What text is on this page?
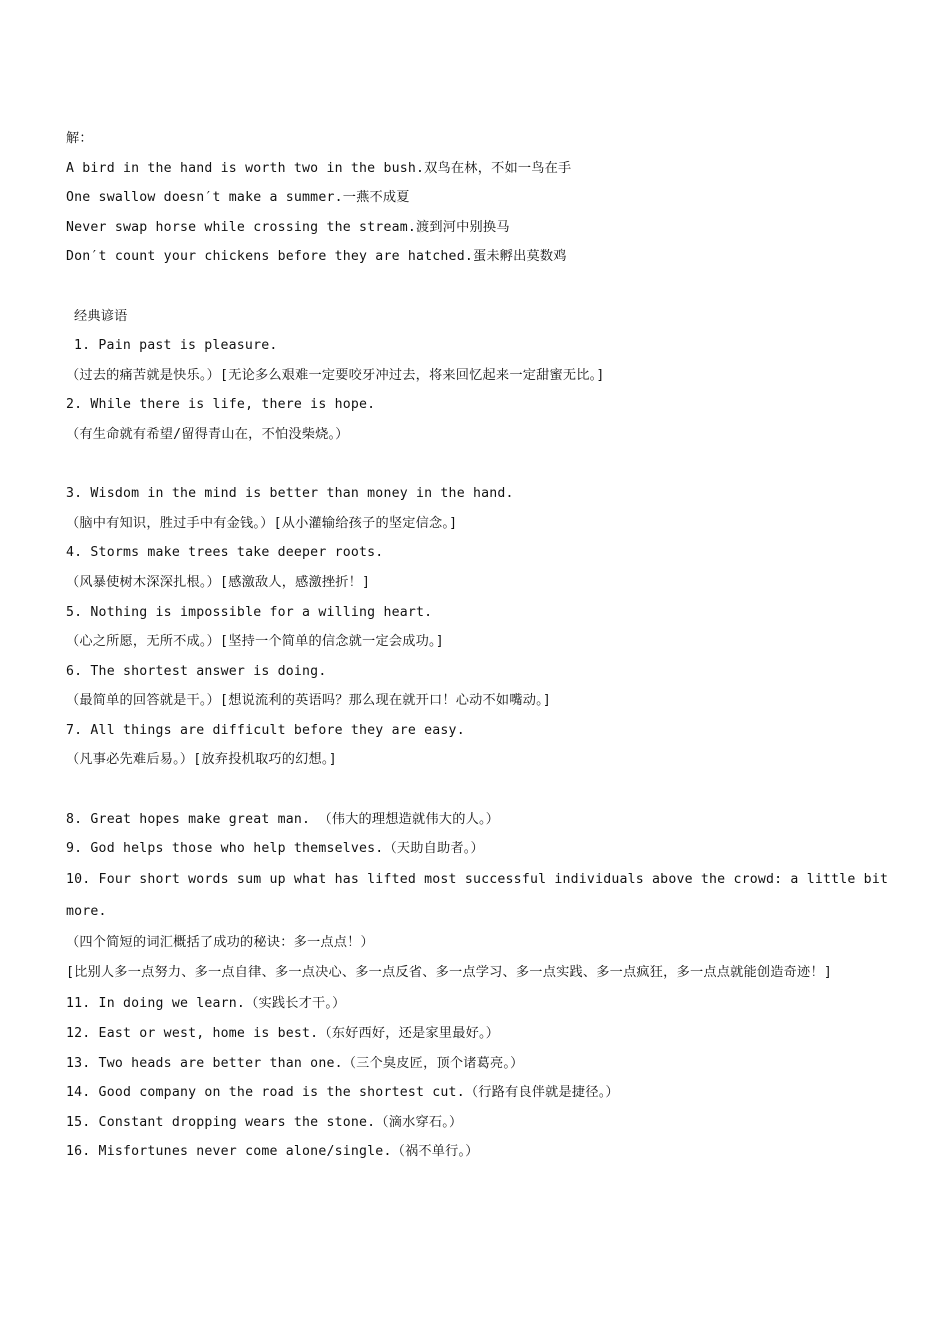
解：
A bird in the hand is worth two in the bush.双鸟在林，不如一鸟在手
One swallow doesn′t make a summer.一燕不成夏
Never swap horse while crossing the stream.渡到河中别换马
Don′t count your chickens before they are hatched.蛋未孵出莫数鸡
经典谚语
1. Pain past is pleasure.
（过去的痛苦就是快乐。）[无论多么艰难一定要咬牙冲过去，将来回忆起来一定甜蜜无比。]
2. While there is life, there is hope.
（有生命就有希望/留得青山在，不怕没柴烧。）
3. Wisdom in the mind is better than money in the hand.
（脑中有知识，胜过手中有金钱。）[从小灌输给孩子的坚定信念。]
4. Storms make trees take deeper roots.
（风暴使树木深深扎根。）[感激敌人，感激挫折！]
5. Nothing is impossible for a willing heart.
（心之所愿，无所不成。）[坚持一个简单的信念就一定会成功。]
6. The shortest answer is doing.
（最简单的回答就是干。）[想说流利的英语吗？那么现在就开口！心动不如嘴动。]
7. All things are difficult before they are easy.
（凡事必先难后易。）[放弃投机取巧的幻想。]
8. Great hopes make great man. （伟大的理想造就伟大的人。）
9. God helps those who help themselves.（天助自助者。）
10. Four short words sum up what has lifted most successful individuals above the crowd: a little bit more.
（四个简短的词汇概括了成功的秘诀：多一点点！）
[比别人多一点努力、多一点自律、多一点决心、多一点反省、多一点学习、多一点实践、多一点疯狂，多一点点就能创造奇迹！]
11. In doing we learn.（实践长才干。）
12. East or west, home is best.（东好西好，还是家里最好。）
13. Two heads are better than one.（三个臭皮匠，顶个诸葛亮。）
14. Good company on the road is the shortest cut.（行路有良伴就是捷径。）
15. Constant dropping wears the stone.（滴水穿石。）
16. Misfortunes never come alone/single.（祸不单行。）
